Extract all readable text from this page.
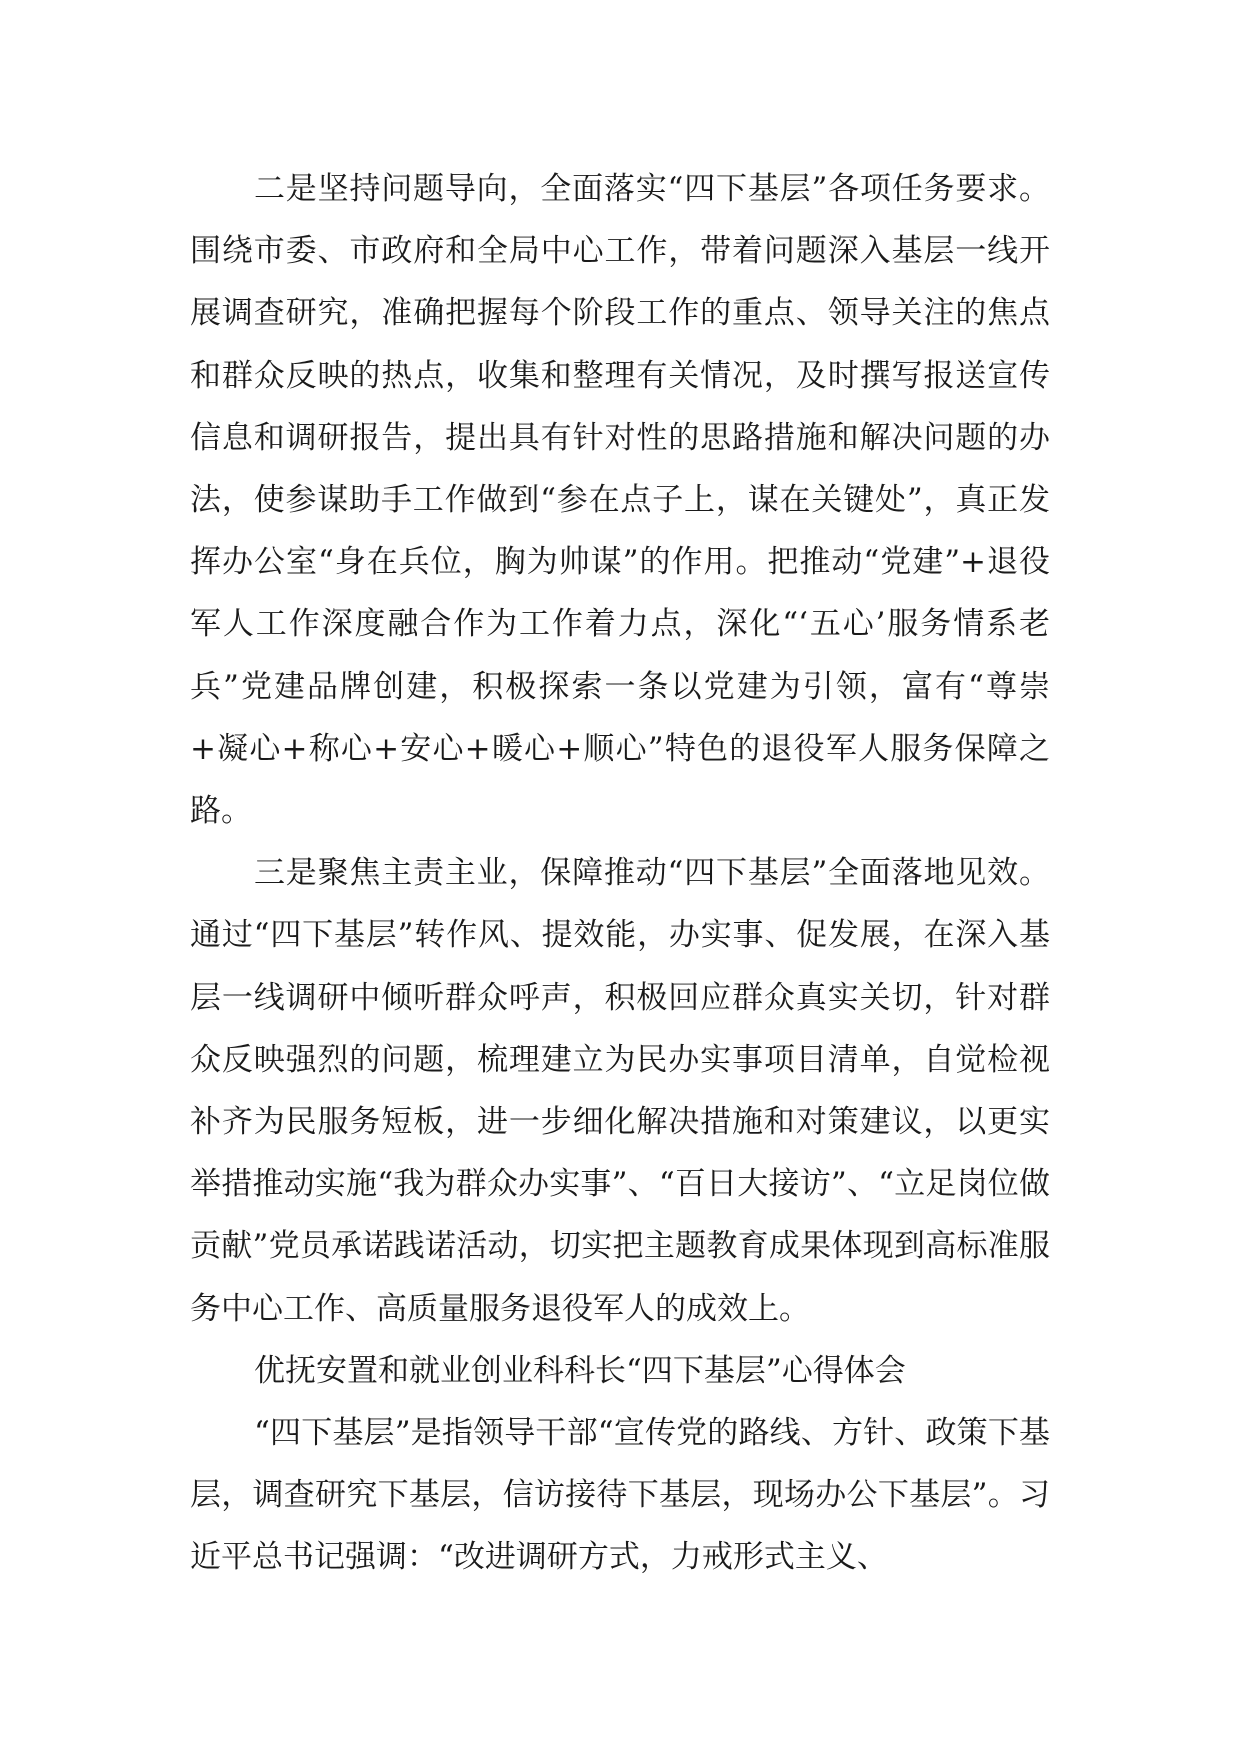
二是坚持问题导向，全面落实“四下基层”各项任务要求。围绕市委、市政府和全局中心工作，带着问题深入基层一线开展调查研究，准确把握每个阶段工作的重点、领导关注的焦点和群众反映的热点，收集和整理有关情况，及时撰写报送宣传信息和调研报告，提出具有针对性的思路措施和解决问题的办法，使参谋助手工作做到“参在点子上，谋在关键处”，真正发挥办公室“身在兵位，胸为帅谋”的作用。把推动“党建”+退役军人工作深度融合作为工作着力点，深化“‘五心’服务情系老兵”党建品牌创建，积极探索一条以党建为引领，富有“尊崇+凝心+称心+安心+暖心+顺心”特色的退役军人服务保障之路。

三是聚焦主责主业，保障推动“四下基层”全面落地见效。通过“四下基层”转作风、提效能，办实事、促发展，在深入基层一线调研中倾听群众呼声，积极回应群众真实关切，针对群众反映强烈的问题，梳理建立为民办实事项目清单，自觉检视补齐为民服务短板，进一步细化解决措施和对策建议，以更实举措推动实施“我为群众办实事”、“百日大接访”、“立足岗位做贡献”党员承诺践诺活动，切实把主题教育成果体现到高标准服务中心工作、高质量服务退役军人的成效上。

优抚安置和就业创业科科长“四下基层”心得体会

“四下基层”是指领导干部“宣传党的路线、方针、政策下基层，调查研究下基层，信访接待下基层，现场办公下基层”。习近平总书记强调：“改进调研方式，力戒形式主义、
